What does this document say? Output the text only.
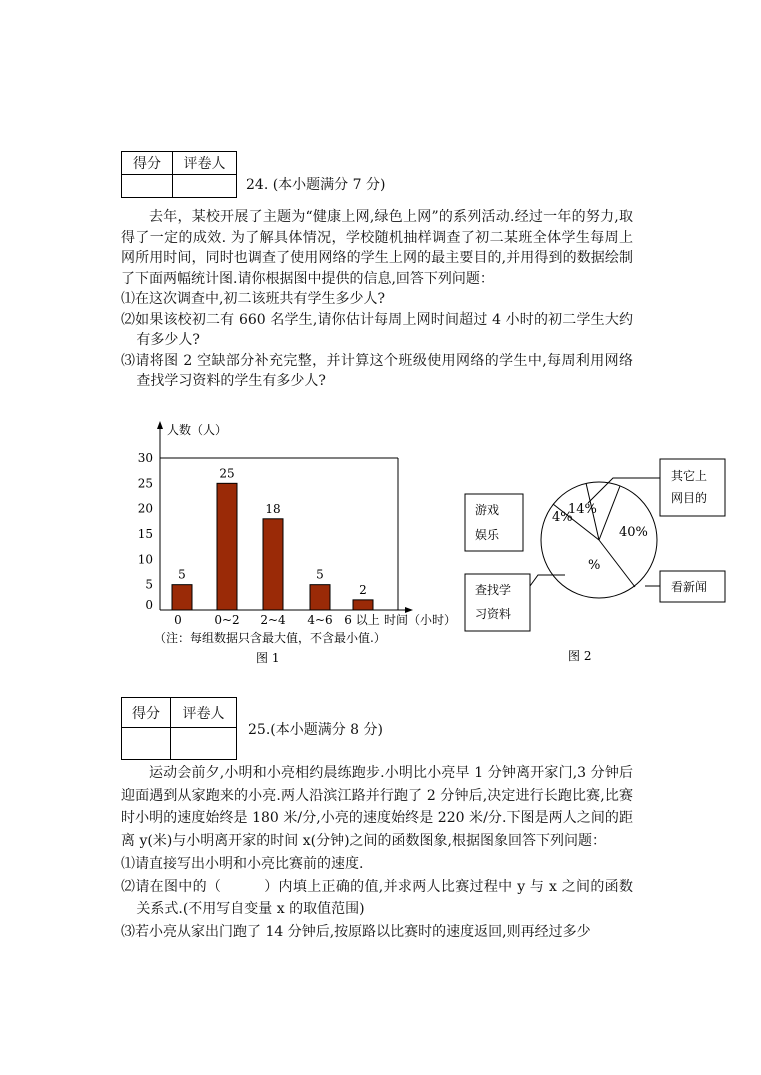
得分	评卷人

24. (本小题满分 7 分)

去年，某校开展了主题为“健康上网,绿色上网”的系列活动.经过一年的努力,取得了一定的成效. 为了解具体情况，学校随机抽样调查了初二某班全体学生每周上网所用时间，同时也调查了使用网络的学生上网的最主要目的,并用得到的数据绘制了下面两幅统计图.请你根据图中提供的信息,回答下列问题：

⑴在这次调查中,初二该班共有学生多少人?

⑵如果该校初二有 660 名学生,请你估计每周上网时间超过 4 小时的初二学生大约有多少人?

⑶请将图 2 空缺部分补充完整，并计算这个班级使用网络的学生中,每周利用网络查找学习资料的学生有多少人?

人数（人）
时间（小时）
0
0
5
10
15
20
25
30
5
25
18
5
2
0~2 2~4 4~6 6 以上
（注：每组数据只含最大值，不含最小值.）
图 1
游戏
娱乐
其它上
网目的
查找学
习资料
看新闻
14%
4%
40%
%
图 2
得分	评卷人

25.(本小题满分 8 分)

运动会前夕,小明和小亮相约晨练跑步.小明比小亮早 1 分钟离开家门,3 分钟后迎面遇到从家跑来的小亮.两人沿滨江路并行跑了 2 分钟后,决定进行长跑比赛,比赛时小明的速度始终是 180 米/分,小亮的速度始终是 220 米/分.下图是两人之间的距离 y(米)与小明离开家的时间 x(分钟)之间的函数图象,根据图象回答下列问题：

⑴请直接写出小明和小亮比赛前的速度.

⑵请在图中的（　　　）内填上正确的值,并求两人比赛过程中 y 与 x 之间的函数关系式.(不用写自变量 x 的取值范围)

⑶若小亮从家出门跑了 14 分钟后,按原路以比赛时的速度返回,则再经过多少
